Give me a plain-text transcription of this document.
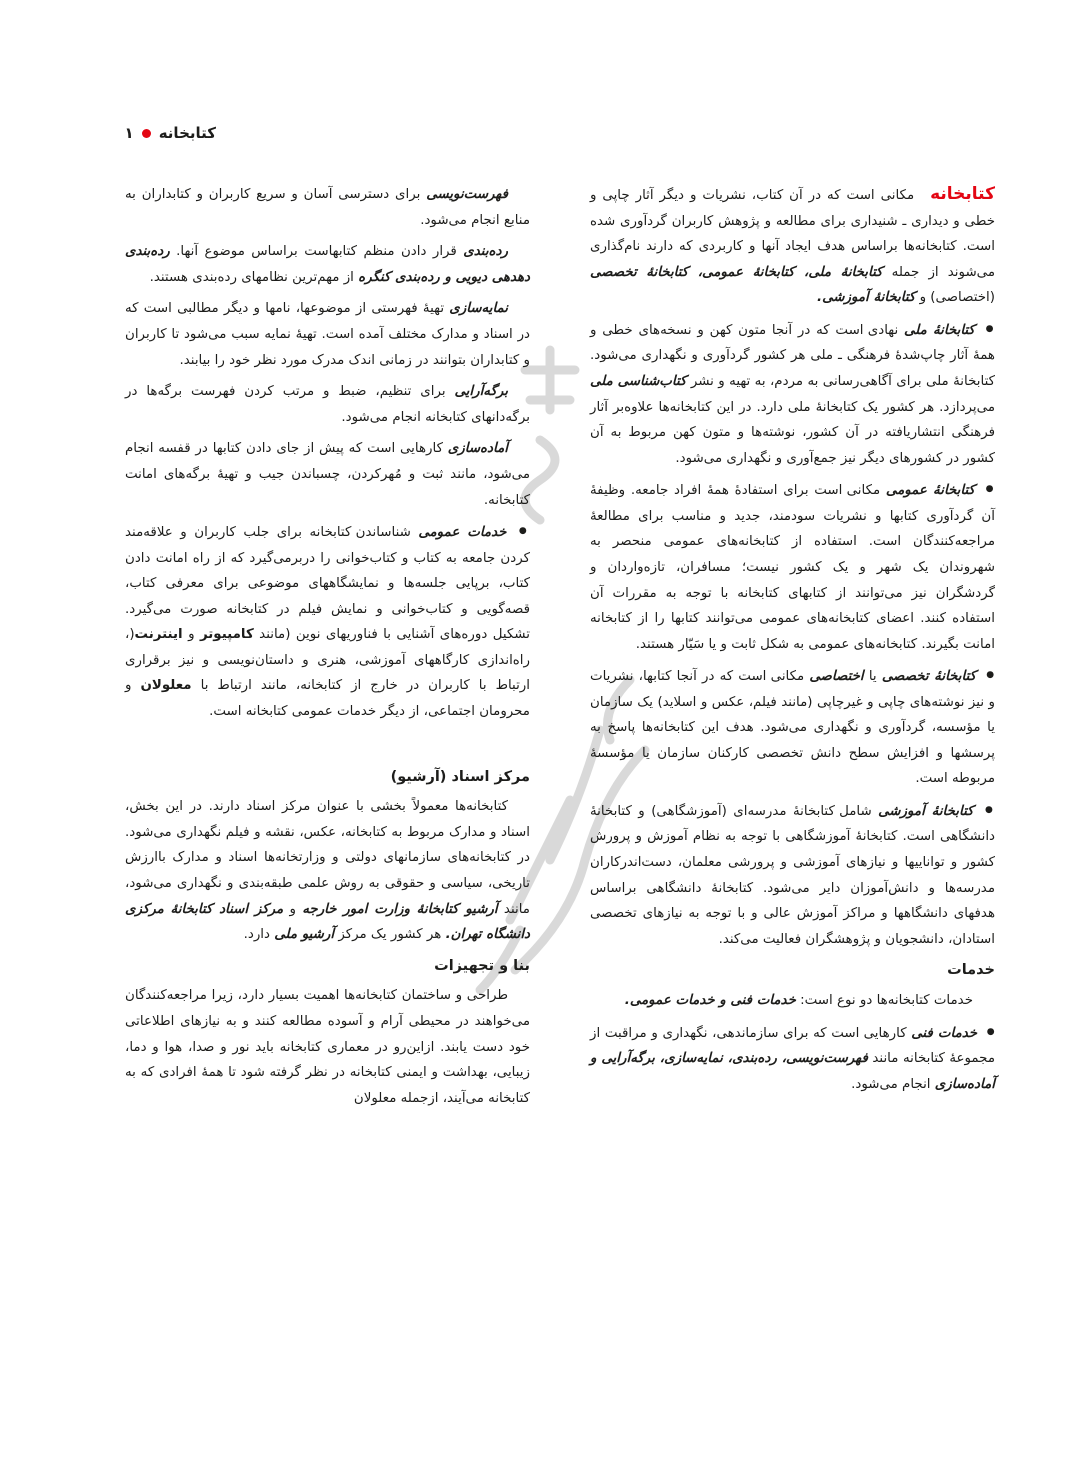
کتابخانه
۱

کتابخانه مکانی است که در آن کتاب، نشریات و دیگر آثار چاپی و خطی و دیداری ـ شنیداری برای مطالعه و پژوهش کاربران گردآوری شده است. کتابخانه‌ها براساس هدف ایجاد آنها و کاربردی که دارند نام‌گذاری می‌شوند از جمله کتابخانهٔ ملی، کتابخانهٔ عمومی، کتابخانهٔ تخصصی (اختصاصی) و کتابخانهٔ آموزشی.

● کتابخانهٔ ملی نهادی است که در آنجا متون کهن و نسخه‌های خطی و همهٔ آثار چاپ‌شدهٔ فرهنگی ـ ملی هر کشور گردآوری و نگهداری می‌شود. کتابخانهٔ ملی برای آگاهی‌رسانی به مردم، به تهیه و نشر کتاب‌شناسی ملی می‌پردازد. هر کشور یک کتابخانهٔ ملی دارد. در این کتابخانه‌ها علاوه‌بر آثار فرهنگی انتشاریافته در آن کشور، نوشته‌ها و متون کهن مربوط به آن کشور در کشورهای دیگر نیز جمع‌آوری و نگهداری می‌شود.

● کتابخانهٔ عمومی مکانی است برای استفادهٔ همهٔ افراد جامعه. وظیفهٔ آن گردآوری کتابها و نشریات سودمند، جدید و مناسب برای مطالعهٔ مراجعه‌کنندگان است. استفاده از کتابخانه‌های عمومی منحصر به شهروندان یک شهر و یک کشور نیست؛ مسافران، تازه‌واردان و گردشگران نیز می‌توانند از کتابهای کتابخانه با توجه به مقررات آن استفاده کنند. اعضای کتابخانه‌های عمومی می‌توانند کتابها را از کتابخانه امانت بگیرند. کتابخانه‌های عمومی به شکل ثابت و یا سَیّار هستند.

● کتابخانهٔ تخصصی یا اختصاصی مکانی است که در آنجا کتابها، نشریات و نیز نوشته‌های چاپی و غیرچاپی (مانند فیلم، عکس و اسلاید) یک سازمان یا مؤسسه، گردآوری و نگهداری می‌شود. هدف این کتابخانه‌ها پاسخ به پرسشها و افزایش سطح دانش تخصصی کارکنان سازمان یا مؤسسهٔ مربوطه است.

● کتابخانهٔ آموزشی شامل کتابخانهٔ مدرسه‌ای (آموزشگاهی) و کتابخانهٔ دانشگاهی است. کتابخانهٔ آموزشگاهی با توجه به نظام آموزش و پرورش کشور و تواناییها و نیازهای آموزشی و پرورشی معلمان، دست‌اندرکاران مدرسه‌ها و دانش‌آموزان دایر می‌شود. کتابخانهٔ دانشگاهی براساس هدفهای دانشگاهها و مراکز آموزش عالی و با توجه به نیازهای تخصصی استادان، دانشجویان و پژوهشگران فعالیت می‌کند.

خدمات

خدمات کتابخانه‌ها دو نوع است: خدمات فنی و خدمات عمومی.

● خدمات فنی کارهایی است که برای سازماندهی، نگهداری و مراقبت از مجموعهٔ کتابخانه مانند فهرست‌نویسی، رده‌بندی، نمایه‌سازی، برگه‌آرایی و آماده‌سازی انجام می‌شود.

فهرست‌نویسی برای دسترسی آسان و سریع کاربران و کتابداران به منابع انجام می‌شود.

رده‌بندی قرار دادن منظم کتابهاست براساس موضوع آنها. رده‌بندی دهدهی دیویی و رده‌بندی کنگره از مهم‌ترین نظامهای رده‌بندی هستند.

نمایه‌سازی تهیهٔ فهرستی از موضوعها، نامها و دیگر مطالبی است که در اسناد و مدارک مختلف آمده است. تهیهٔ نمایه سبب می‌شود تا کاربران و کتابداران بتوانند در زمانی اندک مدرک مورد نظر خود را بیابند.

برگه‌آرایی برای تنظیم، ضبط و مرتب کردن فهرست برگه‌ها در برگه‌دانهای کتابخانه انجام می‌شود.

آماده‌سازی کارهایی است که پیش از جای دادن کتابها در قفسه انجام می‌شود، مانند ثبت و مُهرکردن، چسباندن جیب و تهیهٔ برگه‌های امانت کتابخانه.

● خدمات عمومی شناساندن کتابخانه برای جلب کاربران و علاقه‌مند کردن جامعه به کتاب و کتاب‌خوانی را دربرمی‌گیرد که از راه امانت دادن کتاب، برپایی جلسه‌ها و نمایشگاههای موضوعی برای معرفی کتاب، قصه‌گویی و کتاب‌خوانی و نمایش فیلم در کتابخانه صورت می‌گیرد. تشکیل دوره‌های آشنایی با فناوریهای نوین (مانند کامپیوتر و اینترنت(، راه‌اندازی کارگاههای آموزشی، هنری و داستان‌نویسی و نیز برقراری ارتباط با کاربران در خارج از کتابخانه، مانند ارتباط با معلولان و محرومان اجتماعی، از دیگر خدمات عمومی کتابخانه است.

مرکز اسناد (آرشیو)

کتابخانه‌ها معمولاً بخشی با عنوان مرکز اسناد دارند. در این بخش، اسناد و مدارک مربوط به کتابخانه، عکس، نقشه و فیلم نگهداری می‌شود. در کتابخانه‌های سازمانهای دولتی و وزارتخانه‌ها اسناد و مدارک باارزش تاریخی، سیاسی و حقوقی به روش علمی طبقه‌بندی و نگهداری می‌شود، مانند آرشیو کتابخانهٔ وزارت امور خارجه و مرکز اسناد کتابخانهٔ مرکزی دانشگاه تهران. هر کشور یک مرکز آرشیو ملی دارد.

بنا و تجهیزات

طراحی و ساختمان کتابخانه‌ها اهمیت بسیار دارد، زیرا مراجعه‌کنندگان می‌خواهند در محیطی آرام و آسوده مطالعه کنند و به نیازهای اطلاعاتی خود دست یابند. ازاین‌رو در معماری کتابخانه باید نور و صدا، هوا و دما، زیبایی، بهداشت و ایمنی کتابخانه در نظر گرفته شود تا همهٔ افرادی که به کتابخانه می‌آیند، ازجمله معلولان
